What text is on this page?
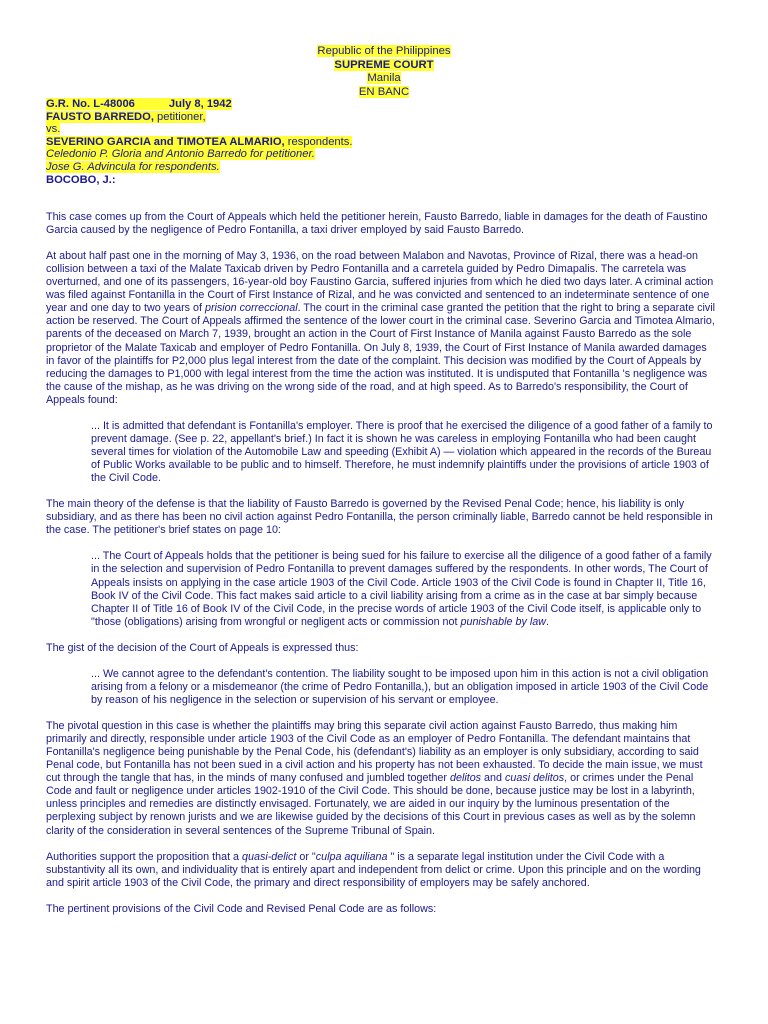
Republic of the Philippines
SUPREME COURT
Manila
EN BANC
G.R. No. L-48006	July 8, 1942
FAUSTO BARREDO, petitioner,
vs.
SEVERINO GARCIA and TIMOTEA ALMARIO, respondents.
Celedonio P. Gloria and Antonio Barredo for petitioner.
Jose G. Advincula for respondents.
BOCOBO, J.:

This case comes up from the Court of Appeals which held the petitioner herein, Fausto Barredo, liable in damages for the death of Faustino Garcia caused by the negligence of Pedro Fontanilla, a taxi driver employed by said Fausto Barredo.

At about half past one in the morning of May 3, 1936, on the road between Malabon and Navotas, Province of Rizal, there was a head-on collision between a taxi of the Malate Taxicab driven by Pedro Fontanilla and a carretela guided by Pedro Dimapalis. The carretela was overturned, and one of its passengers, 16-year-old boy Faustino Garcia, suffered injuries from which he died two days later. A criminal action was filed against Fontanilla in the Court of First Instance of Rizal, and he was convicted and sentenced to an indeterminate sentence of one year and one day to two years of prision correccional. The court in the criminal case granted the petition that the right to bring a separate civil action be reserved. The Court of Appeals affirmed the sentence of the lower court in the criminal case. Severino Garcia and Timotea Almario, parents of the deceased on March 7, 1939, brought an action in the Court of First Instance of Manila against Fausto Barredo as the sole proprietor of the Malate Taxicab and employer of Pedro Fontanilla. On July 8, 1939, the Court of First Instance of Manila awarded damages in favor of the plaintiffs for P2,000 plus legal interest from the date of the complaint. This decision was modified by the Court of Appeals by reducing the damages to P1,000 with legal interest from the time the action was instituted. It is undisputed that Fontanilla 's negligence was the cause of the mishap, as he was driving on the wrong side of the road, and at high speed. As to Barredo's responsibility, the Court of Appeals found:

... It is admitted that defendant is Fontanilla's employer. There is proof that he exercised the diligence of a good father of a family to prevent damage. (See p. 22, appellant's brief.) In fact it is shown he was careless in employing Fontanilla who had been caught several times for violation of the Automobile Law and speeding (Exhibit A) — violation which appeared in the records of the Bureau of Public Works available to be public and to himself. Therefore, he must indemnify plaintiffs under the provisions of article 1903 of the Civil Code.

The main theory of the defense is that the liability of Fausto Barredo is governed by the Revised Penal Code; hence, his liability is only subsidiary, and as there has been no civil action against Pedro Fontanilla, the person criminally liable, Barredo cannot be held responsible in the case. The petitioner's brief states on page 10:

... The Court of Appeals holds that the petitioner is being sued for his failure to exercise all the diligence of a good father of a family in the selection and supervision of Pedro Fontanilla to prevent damages suffered by the respondents. In other words, The Court of Appeals insists on applying in the case article 1903 of the Civil Code. Article 1903 of the Civil Code is found in Chapter II, Title 16, Book IV of the Civil Code. This fact makes said article to a civil liability arising from a crime as in the case at bar simply because Chapter II of Title 16 of Book IV of the Civil Code, in the precise words of article 1903 of the Civil Code itself, is applicable only to "those (obligations) arising from wrongful or negligent acts or commission not punishable by law.

The gist of the decision of the Court of Appeals is expressed thus:

... We cannot agree to the defendant's contention. The liability sought to be imposed upon him in this action is not a civil obligation arising from a felony or a misdemeanor (the crime of Pedro Fontanilla,), but an obligation imposed in article 1903 of the Civil Code by reason of his negligence in the selection or supervision of his servant or employee.

The pivotal question in this case is whether the plaintiffs may bring this separate civil action against Fausto Barredo, thus making him primarily and directly, responsible under article 1903 of the Civil Code as an employer of Pedro Fontanilla. The defendant maintains that Fontanilla's negligence being punishable by the Penal Code, his (defendant's) liability as an employer is only subsidiary, according to said Penal code, but Fontanilla has not been sued in a civil action and his property has not been exhausted. To decide the main issue, we must cut through the tangle that has, in the minds of many confused and jumbled together delitos and cuasi delitos, or crimes under the Penal Code and fault or negligence under articles 1902-1910 of the Civil Code. This should be done, because justice may be lost in a labyrinth, unless principles and remedies are distinctly envisaged. Fortunately, we are aided in our inquiry by the luminous presentation of the perplexing subject by renown jurists and we are likewise guided by the decisions of this Court in previous cases as well as by the solemn clarity of the consideration in several sentences of the Supreme Tribunal of Spain.

Authorities support the proposition that a quasi-delict or "culpa aquiliana " is a separate legal institution under the Civil Code with a substantivity all its own, and individuality that is entirely apart and independent from delict or crime. Upon this principle and on the wording and spirit article 1903 of the Civil Code, the primary and direct responsibility of employers may be safely anchored.

The pertinent provisions of the Civil Code and Revised Penal Code are as follows:
